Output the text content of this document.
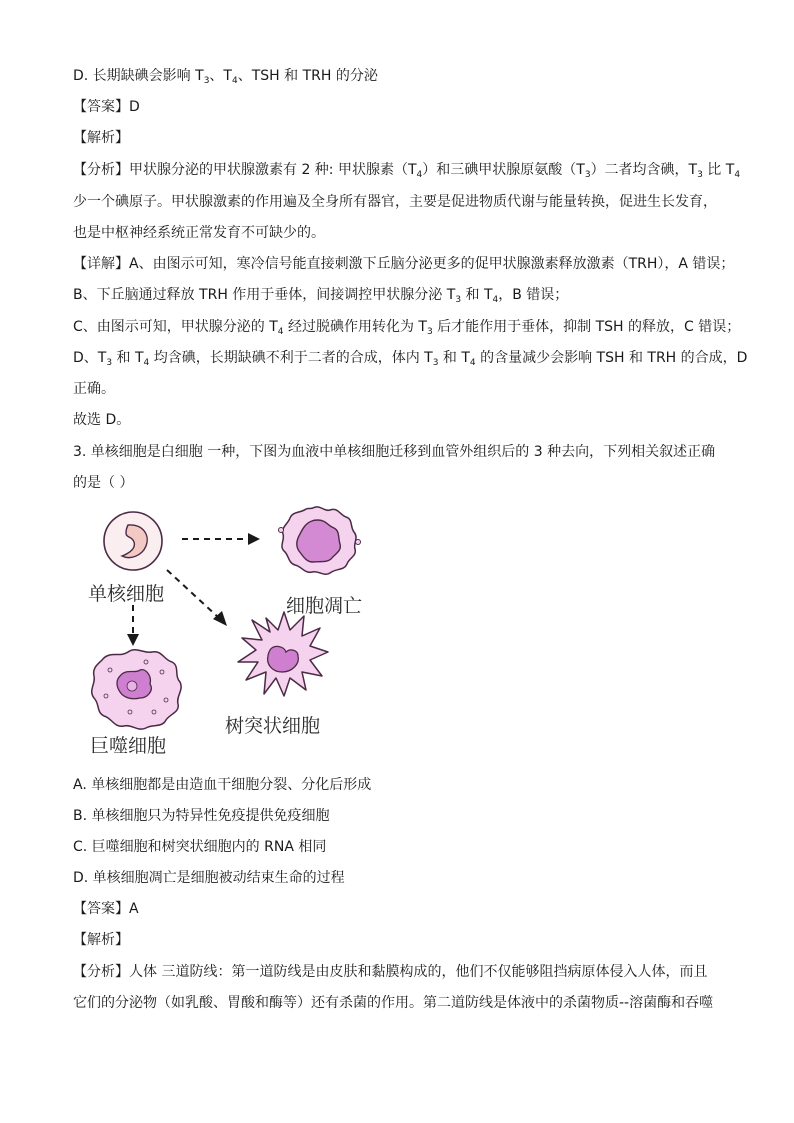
D. 长期缺碘会影响 $T_3$、$T_4$、TSH 和 TRH 的分泌
【答案】D
【解析】
【分析】甲状腺分泌的甲状腺激素有 2 种: 甲状腺素$(T_4)$和三碘甲状腺原氨酸$(T_3)$二者均含碘，$T_3$ 比 $T_4$
少一个碘原子。甲状腺激素的作用遍及全身所有器官，主要是促进物质代谢与能量转换，促进生长发育，
也是中枢神经系统正常发育不可缺少的。
【详解】A、由图示可知，寒冷信号能直接刺激下丘脑分泌更多的促甲状腺激素释放激素（TRH），A 错误；
B、下丘脑通过释放 TRH 作用于垂体，间接调控甲状腺分泌 $T_3$ 和 $T_4$，B 错误；
C、由图示可知，甲状腺分泌的 $T_4$ 经过脱碘作用转化为 $T_3$ 后才能作用于垂体，抑制 TSH 的释放，C 错误；
D、$T_3$ 和 $T_4$ 均含碘，长期缺碘不利于二者的合成，体内 $T_3$ 和 $T_4$ 的含量减少会影响 TSH 和 TRH 的合成，D
正确。
故选 D。
3. 单核细胞是白细胞 一种，下图为血液中单核细胞迁移到血管外组织后的 3 种去向，下列相关叙述正确
的是（ ）
单核细胞
细胞凋亡
树突状细胞
巨噬细胞
A. 单核细胞都是由造血干细胞分裂、分化后形成
B. 单核细胞只为特异性免疫提供免疫细胞
C. 巨噬细胞和树突状细胞内的 RNA 相同
D. 单核细胞凋亡是细胞被动结束生命的过程
【答案】A
【解析】
【分析】人体 三道防线：第一道防线是由皮肤和黏膜构成的，他们不仅能够阻挡病原体侵入人体，而且
它们的分泌物（如乳酸、胃酸和酶等）还有杀菌的作用。第二道防线是体液中的杀菌物质--溶菌酶和吞噬
